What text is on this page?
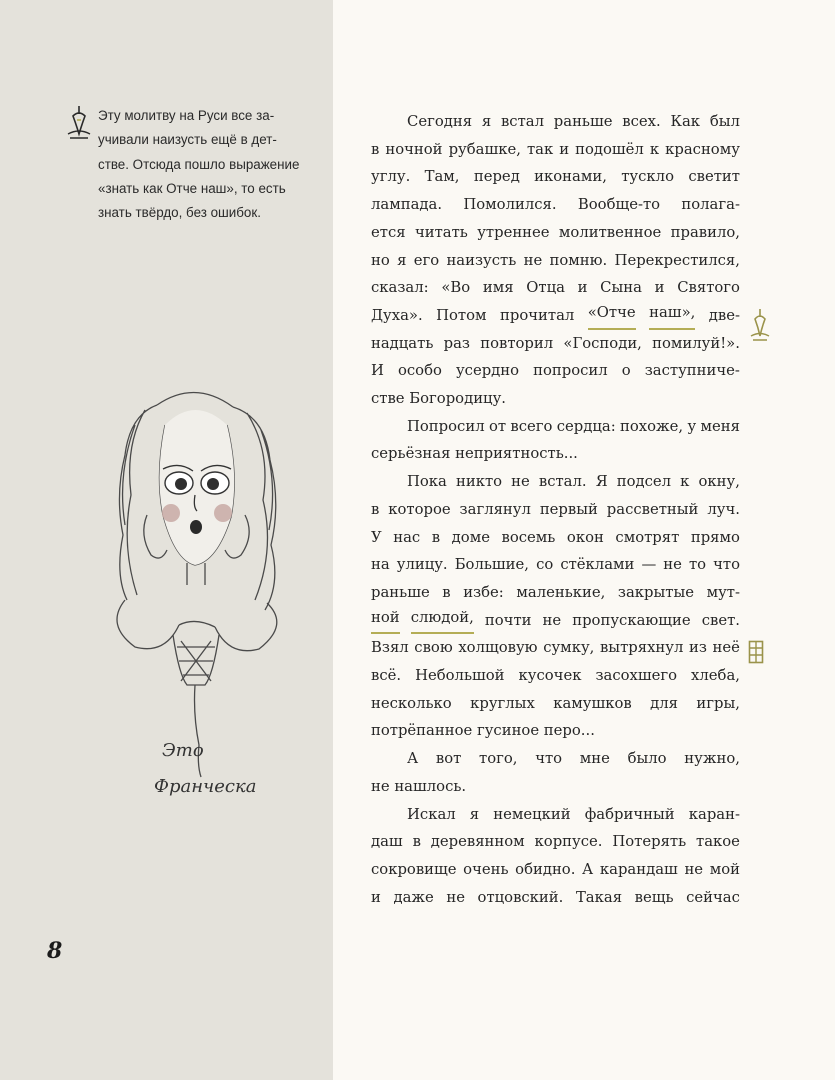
Эту молитву на Руси все за-
учивали наизусть ещё в дет-
стве. Отсюда пошло выражение
«знать как Отче наш», то есть
знать твёрдо, без ошибок.
Это
Франческа
8
Сегодня я встал раньше всех. Как был
в ночной рубашке, так и подошёл к красному
углу. Там, перед иконами, тускло светит
лампада. Помолился. Вообще-то полага-
ется читать утреннее молитвенное правило,
но я его наизусть не помню. Перекрестился,
сказал: «Во имя Отца и Сына и Святого
Духа». Потом прочитал «Отче наш», две-
надцать раз повторил «Господи, помилуй!».
И особо усердно попросил о заступниче-
стве Богородицу.
Попросил от всего сердца: похоже, у меня
серьёзная неприятность...
Пока никто не встал. Я подсел к окну,
в которое заглянул первый рассветный луч.
У нас в доме восемь окон смотрят прямо
на улицу. Большие, со стёклами — не то что
раньше в избе: маленькие, закрытые мут-
ной слюдой, почти не пропускающие свет.
Взял свою холщовую сумку, вытряхнул из неё
всё. Небольшой кусочек засохшего хлеба,
несколько круглых камушков для игры,
потрёпанное гусиное перо...
А вот того, что мне было нужно,
не нашлось.
Искал я немецкий фабричный каран-
даш в деревянном корпусе. Потерять такое
сокровище очень обидно. А карандаш не мой
и даже не отцовский. Такая вещь сейчас
